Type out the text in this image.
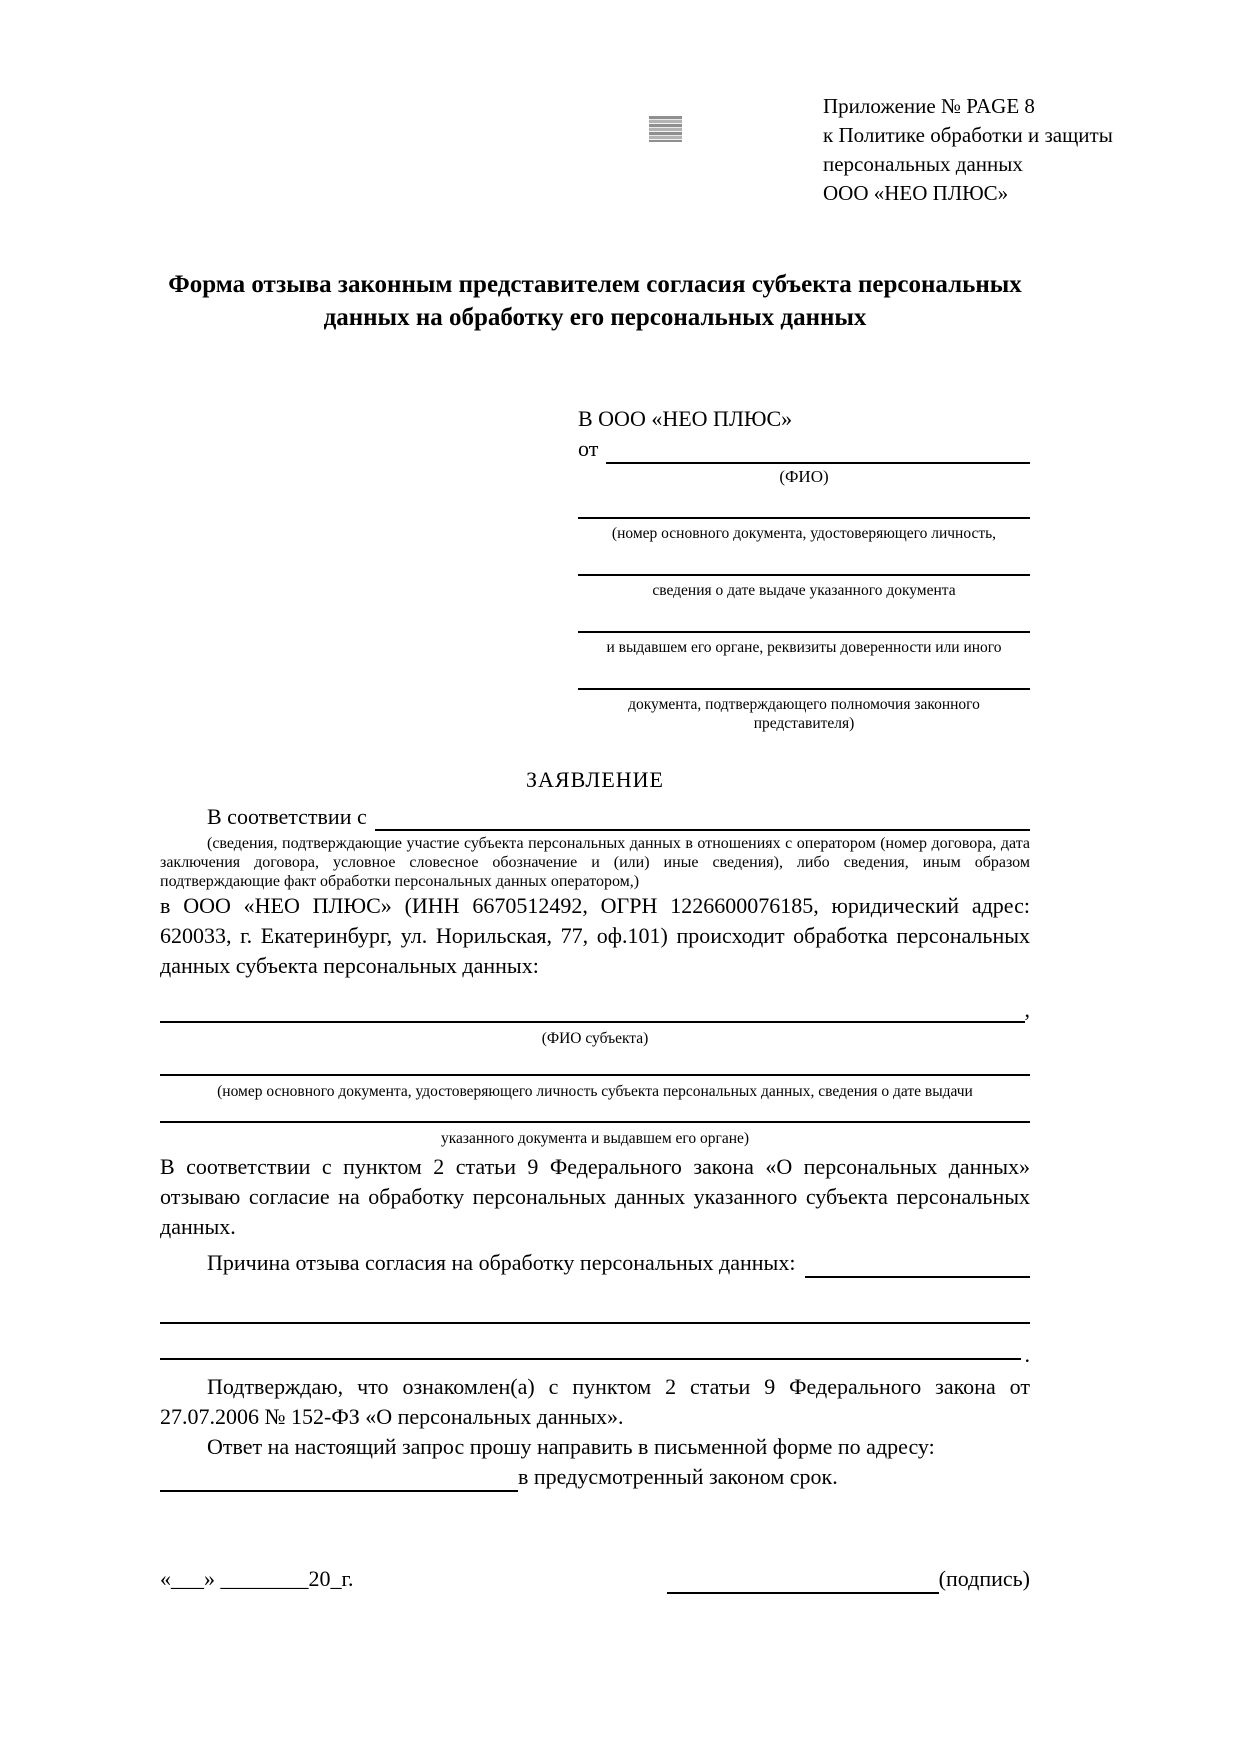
Приложение № PAGE 8
к Политике обработки и защиты
персональных данных
ООО «НЕО ПЛЮС»
Форма отзыва законным представителем согласия субъекта персональных данных на обработку его персональных данных
В ООО «НЕО ПЛЮС»
от
(ФИО)
(номер основного документа, удостоверяющего личность,
сведения о дате выдаче указанного документа
и выдавшем его органе, реквизиты доверенности или иного
документа, подтверждающего полномочия законного представителя)
ЗАЯВЛЕНИЕ
В соответствии с
(сведения, подтверждающие участие субъекта персональных данных в отношениях с оператором (номер договора, дата заключения договора, условное словесное обозначение и (или) иные сведения), либо сведения, иным образом подтверждающие факт обработки персональных данных оператором,)
в ООО «НЕО ПЛЮС» (ИНН 6670512492, ОГРН 1226600076185, юридический адрес: 620033, г. Екатеринбург, ул. Норильская, 77, оф.101) происходит обработка персональных данных субъекта персональных данных:
,
(ФИО субъекта)
(номер основного документа, удостоверяющего личность субъекта персональных данных, сведения о дате выдачи
указанного документа и выдавшем его органе)
В соответствии с пунктом 2 статьи 9 Федерального закона «О персональных данных» отзываю согласие на обработку персональных данных указанного субъекта персональных данных.
Причина отзыва согласия на обработку персональных данных:
.
Подтверждаю, что ознакомлен(а) с пунктом 2 статьи 9 Федерального закона от 27.07.2006 № 152-ФЗ «О персональных данных».
Ответ на настоящий запрос прошу направить в письменной форме по адресу:
в предусмотренный законом срок.
«___» ________20_г.	(подпись)
